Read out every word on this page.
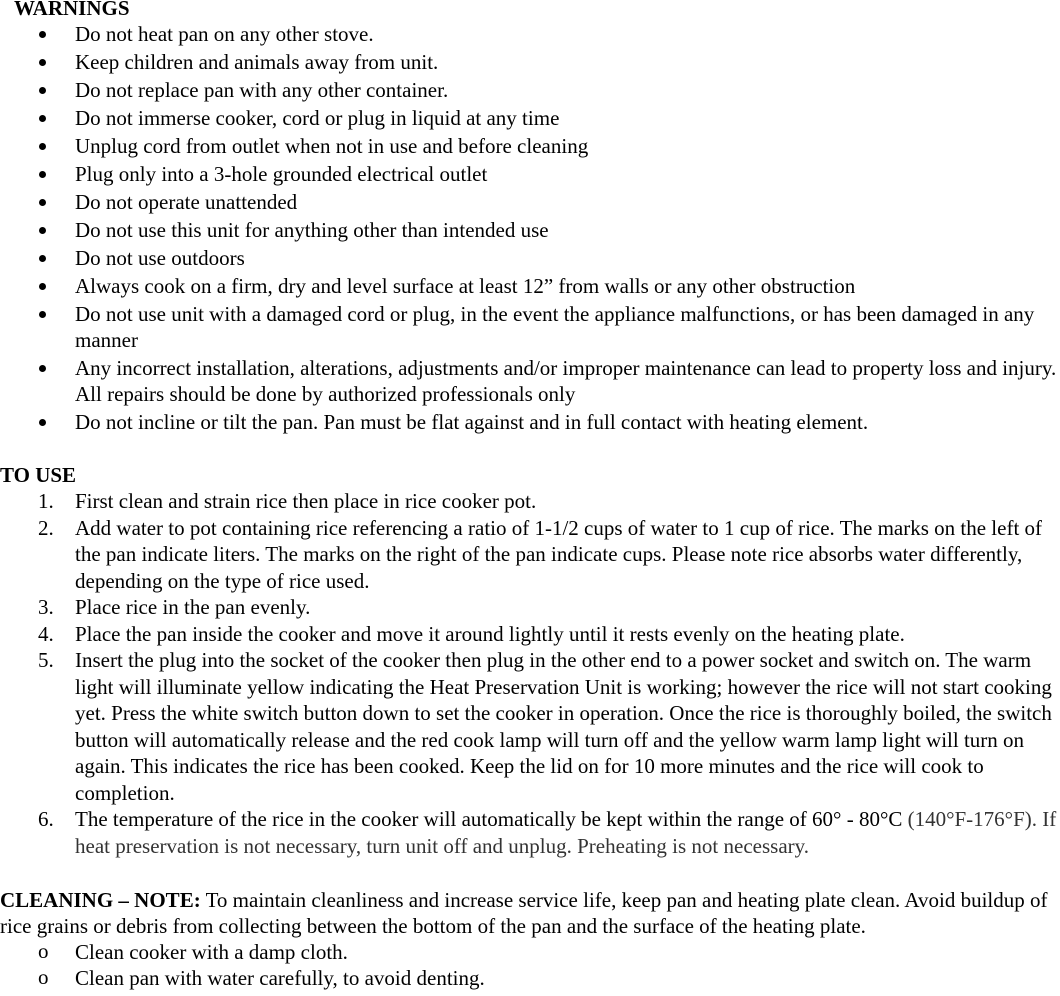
WARNINGS
Do not heat pan on any other stove.
Keep children and animals away from unit.
Do not replace pan with any other container.
Do not immerse cooker, cord or plug in liquid at any time
Unplug cord from outlet when not in use and before cleaning
Plug only into a 3-hole grounded electrical outlet
Do not operate unattended
Do not use this unit for anything other than intended use
Do not use outdoors
Always cook on a firm, dry and level surface at least 12” from walls or any other obstruction
Do not use unit with a damaged cord or plug, in the event the appliance malfunctions, or has been damaged in any manner
Any incorrect installation, alterations, adjustments and/or improper maintenance can lead to property loss and injury. All repairs should be done by authorized professionals only
Do not incline or tilt the pan. Pan must be flat against and in full contact with heating element.
TO USE
1. First clean and strain rice then place in rice cooker pot.
2. Add water to pot containing rice referencing a ratio of 1-1/2 cups of water to 1 cup of rice. The marks on the left of the pan indicate liters. The marks on the right of the pan indicate cups. Please note rice absorbs water differently, depending on the type of rice used.
3. Place rice in the pan evenly.
4. Place the pan inside the cooker and move it around lightly until it rests evenly on the heating plate.
5. Insert the plug into the socket of the cooker then plug in the other end to a power socket and switch on. The warm light will illuminate yellow indicating the Heat Preservation Unit is working; however the rice will not start cooking yet. Press the white switch button down to set the cooker in operation. Once the rice is thoroughly boiled, the switch button will automatically release and the red cook lamp will turn off and the yellow warm lamp light will turn on again. This indicates the rice has been cooked. Keep the lid on for 10 more minutes and the rice will cook to completion.
6. The temperature of the rice in the cooker will automatically be kept within the range of 60° - 80°C (140°F-176°F). If heat preservation is not necessary, turn unit off and unplug. Preheating is not necessary.

CLEANING – NOTE: To maintain cleanliness and increase service life, keep pan and heating plate clean. Avoid buildup of rice grains or debris from collecting between the bottom of the pan and the surface of the heating plate.

o Clean cooker with a damp cloth.
o Clean pan with water carefully, to avoid denting.
